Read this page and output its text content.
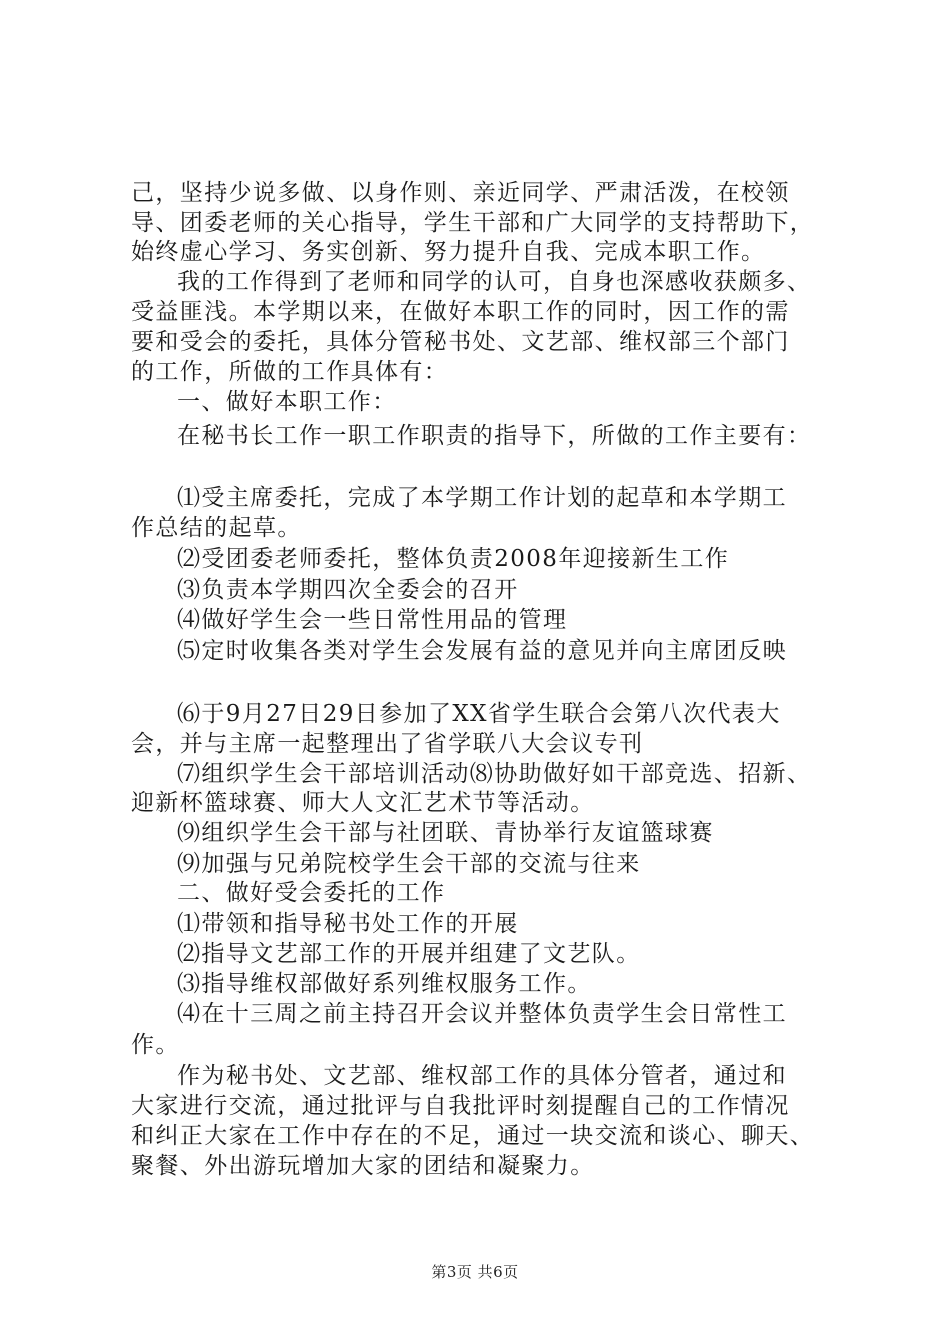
己，坚持少说多做、以身作则、亲近同学、严肃活泼，在校领
导、团委老师的关心指导，学生干部和广大同学的支持帮助下，
始终虚心学习、务实创新、努力提升自我、完成本职工作。
我的工作得到了老师和同学的认可，自身也深感收获颇多、
受益匪浅。本学期以来，在做好本职工作的同时，因工作的需
要和受会的委托，具体分管秘书处、文艺部、维权部三个部门
的工作，所做的工作具体有：
一、做好本职工作：
在秘书长工作一职工作职责的指导下，所做的工作主要有：
⑴受主席委托，完成了本学期工作计划的起草和本学期工
作总结的起草。
⑵受团委老师委托，整体负责2008年迎接新生工作
⑶负责本学期四次全委会的召开
⑷做好学生会一些日常性用品的管理
⑸定时收集各类对学生会发展有益的意见并向主席团反映
⑹于9月27日29日参加了XX省学生联合会第八次代表大
会，并与主席一起整理出了省学联八大会议专刊
⑺组织学生会干部培训活动⑻协助做好如干部竞选、招新、
迎新杯篮球赛、师大人文汇艺术节等活动。
⑼组织学生会干部与社团联、青协举行友谊篮球赛
⑼加强与兄弟院校学生会干部的交流与往来
二、做好受会委托的工作
⑴带领和指导秘书处工作的开展
⑵指导文艺部工作的开展并组建了文艺队。
⑶指导维权部做好系列维权服务工作。
⑷在十三周之前主持召开会议并整体负责学生会日常性工
作。
作为秘书处、文艺部、维权部工作的具体分管者，通过和
大家进行交流，通过批评与自我批评时刻提醒自己的工作情况
和纠正大家在工作中存在的不足，通过一块交流和谈心、聊天、
聚餐、外出游玩增加大家的团结和凝聚力。
第3页 共6页
